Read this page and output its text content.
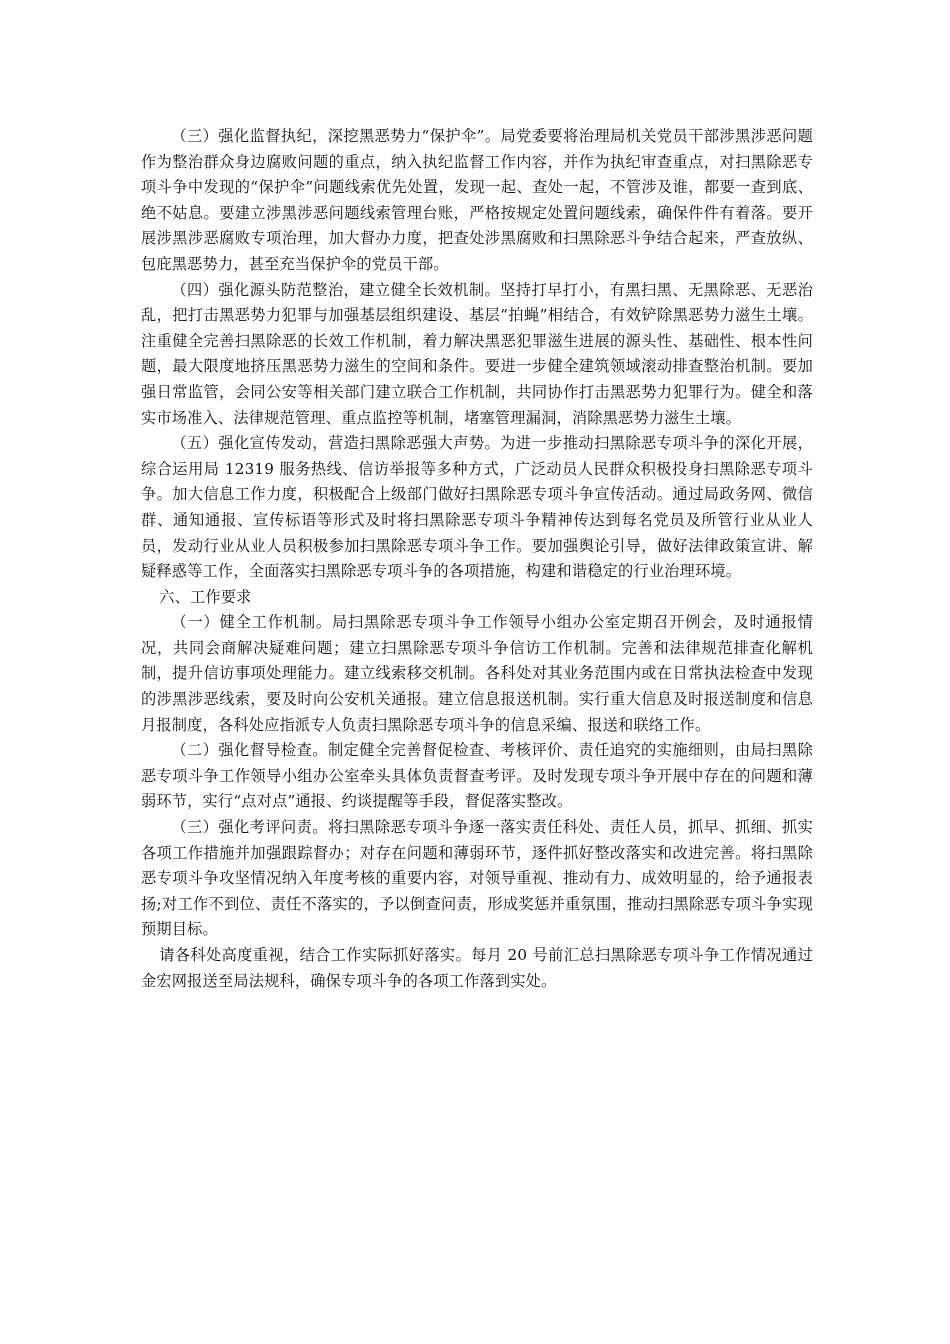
（三）强化监督执纪，深挖黑恶势力“保护伞”。局党委要将治理局机关党员干部涉黑涉恶问题作为整治群众身边腐败问题的重点，纳入执纪监督工作内容，并作为执纪审查重点，对扫黑除恶专项斗争中发现的“保护伞”问题线索优先处置，发现一起、查处一起，不管涉及谁，都要一查到底、绝不姑息。要建立涉黑涉恶问题线索管理台账，严格按规定处置问题线索，确保件件有着落。要开展涉黑涉恶腐败专项治理，加大督办力度，把查处涉黑腐败和扫黑除恶斗争结合起来，严查放纵、包庇黑恶势力，甚至充当保护伞的党员干部。

（四）强化源头防范整治，建立健全长效机制。坚持打早打小，有黑扫黑、无黑除恶、无恶治乱，把打击黑恶势力犯罪与加强基层组织建设、基层“拍蝇”相结合，有效铲除黑恶势力滋生土壤。注重健全完善扫黑除恶的长效工作机制，着力解决黑恶犯罪滋生进展的源头性、基础性、根本性问题，最大限度地挤压黑恶势力滋生的空间和条件。要进一步健全建筑领域滚动排查整治机制。要加强日常监管，会同公安等相关部门建立联合工作机制，共同协作打击黑恶势力犯罪行为。健全和落实市场准入、法律规范管理、重点监控等机制，堵塞管理漏洞，消除黑恶势力滋生土壤。

（五）强化宣传发动，营造扫黑除恶强大声势。为进一步推动扫黑除恶专项斗争的深化开展，综合运用局 12319 服务热线、信访举报等多种方式，广泛动员人民群众积极投身扫黑除恶专项斗争。加大信息工作力度，积极配合上级部门做好扫黑除恶专项斗争宣传活动。通过局政务网、微信群、通知通报、宣传标语等形式及时将扫黑除恶专项斗争精神传达到每名党员及所管行业从业人员，发动行业从业人员积极参加扫黑除恶专项斗争工作。要加强舆论引导，做好法律政策宣讲、解疑释惑等工作，全面落实扫黑除恶专项斗争的各项措施，构建和谐稳定的行业治理环境。

六、工作要求

（一）健全工作机制。局扫黑除恶专项斗争工作领导小组办公室定期召开例会，及时通报情况，共同会商解决疑难问题；建立扫黑除恶专项斗争信访工作机制。完善和法律规范排查化解机制，提升信访事项处理能力。建立线索移交机制。各科处对其业务范围内或在日常执法检查中发现的涉黑涉恶线索，要及时向公安机关通报。建立信息报送机制。实行重大信息及时报送制度和信息月报制度，各科处应指派专人负责扫黑除恶专项斗争的信息采编、报送和联络工作。

（二）强化督导检查。制定健全完善督促检查、考核评价、责任追究的实施细则，由局扫黑除恶专项斗争工作领导小组办公室牵头具体负责督查考评。及时发现专项斗争开展中存在的问题和薄弱环节，实行“点对点”通报、约谈提醒等手段，督促落实整改。

（三）强化考评问责。将扫黑除恶专项斗争逐一落实责任科处、责任人员，抓早、抓细、抓实各项工作措施并加强跟踪督办；对存在问题和薄弱环节，逐件抓好整改落实和改进完善。将扫黑除恶专项斗争攻坚情况纳入年度考核的重要内容，对领导重视、推动有力、成效明显的，给予通报表扬;对工作不到位、责任不落实的，予以倒查问责，形成奖惩并重氛围，推动扫黑除恶专项斗争实现预期目标。

请各科处高度重视，结合工作实际抓好落实。每月 20 号前汇总扫黑除恶专项斗争工作情况通过金宏网报送至局法规科，确保专项斗争的各项工作落到实处。
